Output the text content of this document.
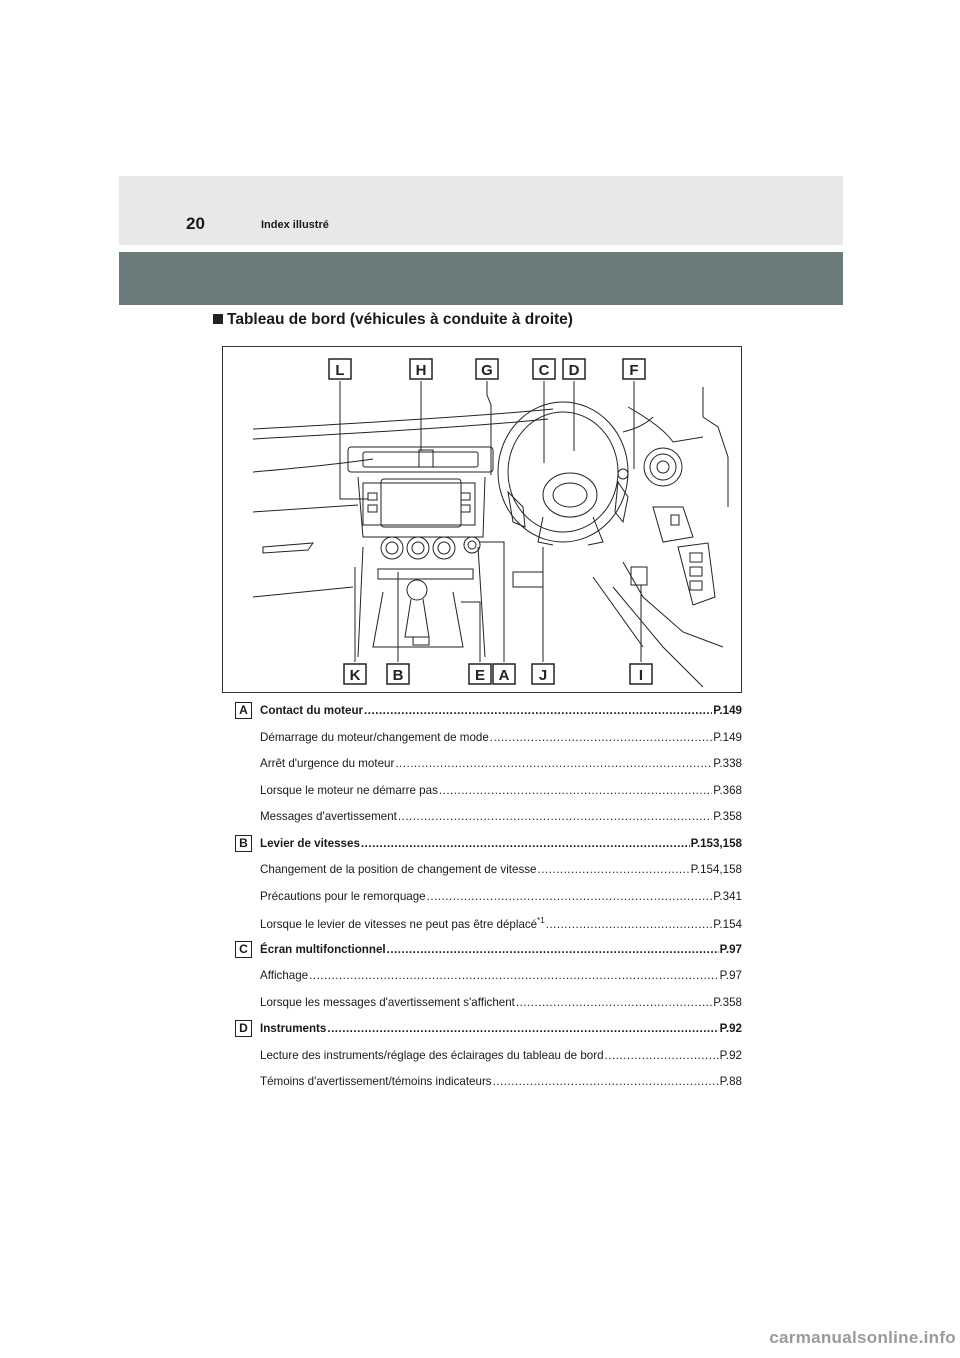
20	Index illustré
Tableau de bord (véhicules à conduite à droite)
L	H	G	C D	F
K B	E A J	I
A	Contact du moteur .....	P.149
Démarrage du moteur/changement de mode .....	P.149
Arrêt d'urgence du moteur .....	P.338
Lorsque le moteur ne démarre pas .....	P.368
Messages d'avertissement .....	P.358
B	Levier de vitesses .....	P.153,158
Changement de la position de changement de vitesse .....	P.154,158
Précautions pour le remorquage .....	P.341
Lorsque le levier de vitesses ne peut pas être déplacé$^{*1}$ .....	P.154
C	Écran multifonctionnel .....	P.97
Affichage .....	P.97
Lorsque les messages d'avertissement s'affichent .....	P.358
D	Instruments .....	P.92
Lecture des instruments/réglage des éclairages du tableau de bord .....	P.92
Témoins d'avertissement/témoins indicateurs .....	P.88
carmanualsonline.info
